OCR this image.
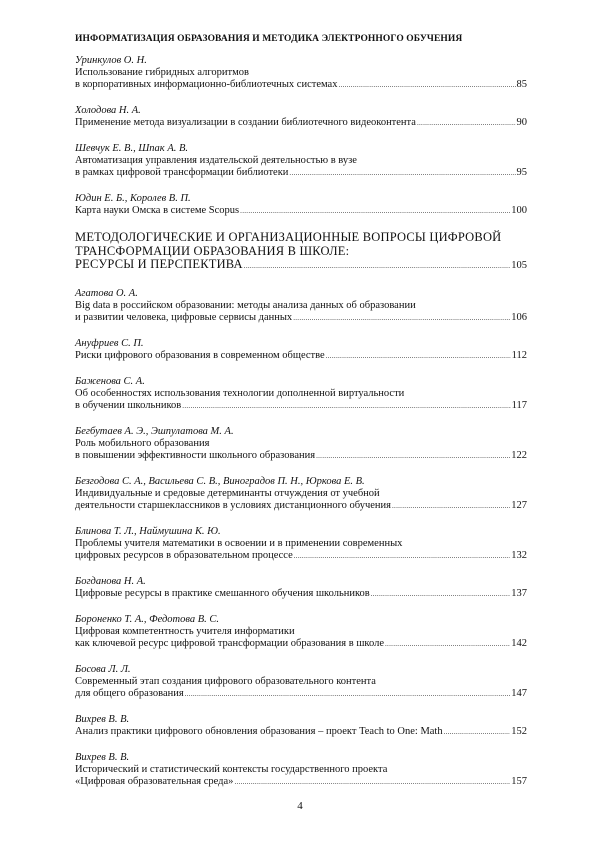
ИНФОРМАТИЗАЦИЯ ОБРАЗОВАНИЯ И МЕТОДИКА ЭЛЕКТРОННОГО ОБУЧЕНИЯ
Уринкулов О. Н.
Использование гибридных алгоритмов
в корпоративных информационно-библиотечных системах .....	85
Холодова Н. А.
Применение метода визуализации в создании библиотечного видеоконтента .....	90
Шевчук Е. В., Шпак А. В.
Автоматизация управления издательской деятельностью в вузе
в рамках цифровой трансформации библиотеки .....	95
Юдин Е. Б., Королев В. П.
Карта науки Омска в системе Scopus .....	100
МЕТОДОЛОГИЧЕСКИЕ И ОРГАНИЗАЦИОННЫЕ ВОПРОСЫ ЦИФРОВОЙ
ТРАНСФОРМАЦИИ ОБРАЗОВАНИЯ В ШКОЛЕ:
РЕСУРСЫ И ПЕРСПЕКТИВА .....	105
Агатова О. А.
Big data в российском образовании: методы анализа данных об образовании
и развитии человека, цифровые сервисы данных .....	106
Ануфриев С. П.
Риски цифрового образования в современном обществе .....	112
Баженова С. А.
Об особенностях использования технологии дополненной виртуальности
в обучении школьников .....	117
Бегбутаев А. Э., Эшпулатова М. А.
Роль мобильного образования
в повышении эффективности школьного образования .....	122
Безгодова С. А., Васильева С. В., Виноградов П. Н., Юркова Е. В.
Индивидуальные и средовые детерминанты отчуждения от учебной
деятельности старшеклассников в условиях дистанционного обучения .....	127
Блинова Т. Л., Наймушина К. Ю.
Проблемы учителя математики в освоении и в применении современных
цифровых ресурсов в образовательном процессе .....	132
Богданова Н. А.
Цифровые ресурсы в практике смешанного обучения школьников .....	137
Бороненко Т. А., Федотова В. С.
Цифровая компетентность учителя информатики
как ключевой ресурс цифровой трансформации образования в школе .....	142
Босова Л. Л.
Современный этап создания цифрового образовательного контента
для общего образования .....	147
Вихрев В. В.
Анализ практики цифрового обновления образования – проект Teach to One: Math .....	152
Вихрев В. В.
Исторический и статистический контексты государственного проекта
«Цифровая образовательная среда» .....	157
4
